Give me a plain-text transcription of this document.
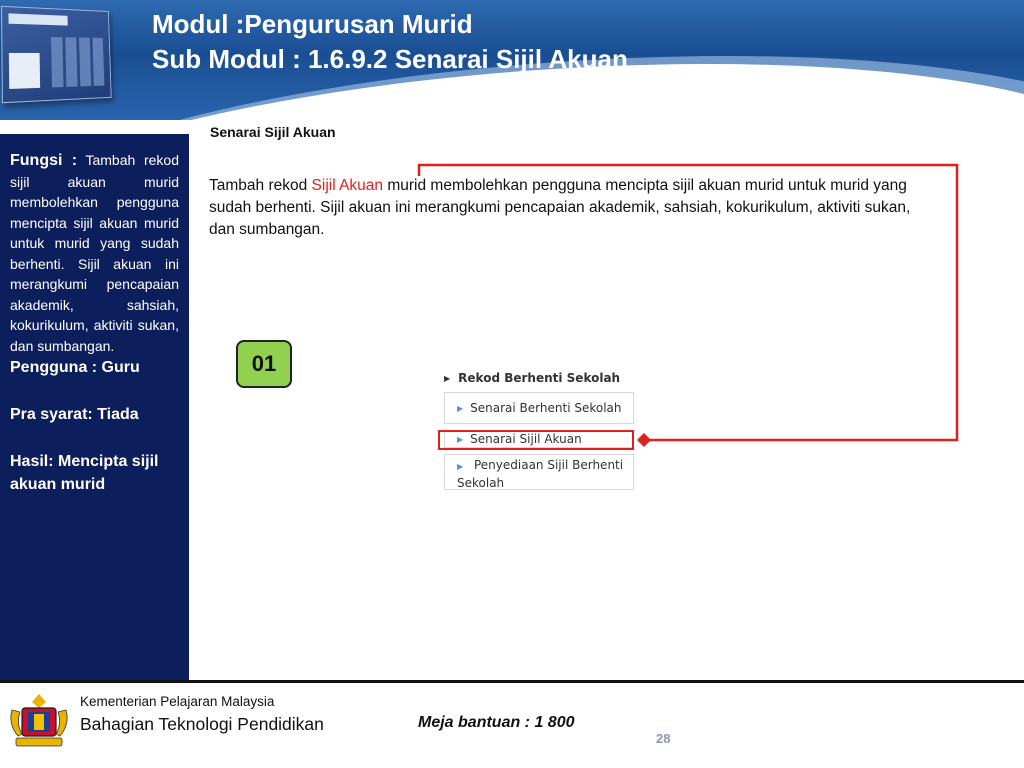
Modul :Pengurusan Murid
Sub Modul : 1.6.9.2 Senarai Sijil Akuan

Fungsi : Tambah rekod sijil akuan murid membolehkan pengguna mencipta sijil akuan murid untuk murid yang sudah berhenti. Sijil akuan ini merangkumi pencapaian akademik, sahsiah, kokurikulum, aktiviti sukan, dan sumbangan.

Pengguna : Guru

Pra syarat: Tiada

Hasil: Mencipta sijil akuan murid

Senarai Sijil Akuan

Tambah rekod Sijil Akuan murid membolehkan pengguna mencipta sijil akuan murid untuk murid yang sudah berhenti. Sijil akuan ini merangkumi pencapaian akademik, sahsiah, kokurikulum, aktiviti sukan, dan sumbangan.

01
▶ Rekod Berhenti Sekolah
▶ Senarai Berhenti Sekolah
▶ Senarai Sijil Akuan
▶ Penyediaan Sijil Berhenti Sekolah
Kementerian Pelajaran Malaysia
Bahagian Teknologi Pendidikan	Meja bantuan : 1 800
28
